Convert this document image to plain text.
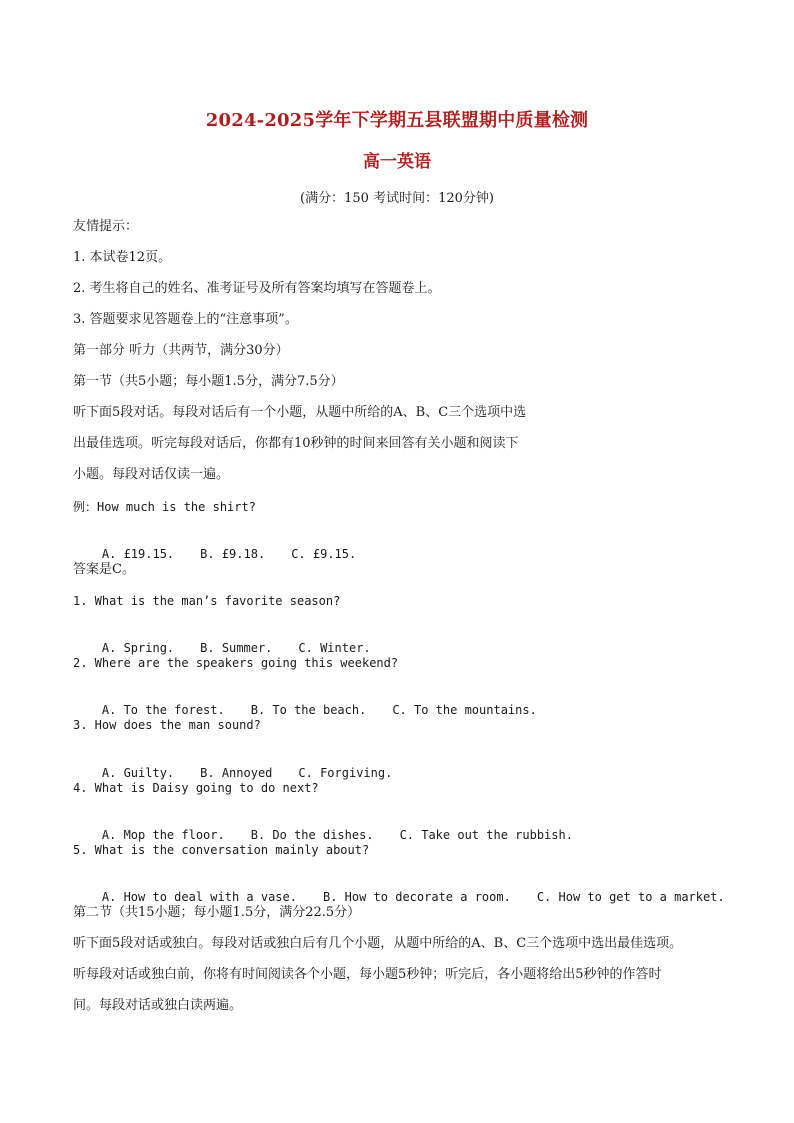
2024-2025学年下学期五县联盟期中质量检测
高一英语
(满分：150 考试时间：120分钟)
友情提示：
1. 本试卷12页。
2. 考生将自己的姓名、准考证号及所有答案均填写在答题卷上。
3. 答题要求见答题卷上的“注意事项”。
第一部分 听力（共两节，满分30分）
第一节（共5小题；每小题1.5分，满分7.5分）
听下面5段对话。每段对话后有一个小题，从题中所给的A、B、C三个选项中选
出最佳选项。听完每段对话后，你都有10秒钟的时间来回答有关小题和阅读下
小题。每段对话仅读一遍。
例：How much is the shirt?

A. £19.15. B. £9.18. C. £9.15.

答案是C。
1. What is the man’s favorite season?

A. Spring. B. Summer. C. Winter.

2. Where are the speakers going this weekend?

A. To the forest. B. To the beach. C. To the mountains.

3. How does the man sound?

A. Guilty. B. Annoyed C. Forgiving.

4. What is Daisy going to do next?

A. Mop the floor. B. Do the dishes. C. Take out the rubbish.

5. What is the conversation mainly about?

A. How to deal with a vase. B. How to decorate a room. C. How to get to a market.

第二节（共15小题；每小题1.5分，满分22.5分）
听下面5段对话或独白。每段对话或独白后有几个小题，从题中所给的A、B、C三个选项中选出最佳选项。
听每段对话或独白前，你将有时间阅读各个小题，每小题5秒钟；听完后，各小题将给出5秒钟的作答时
间。每段对话或独白读两遍。
